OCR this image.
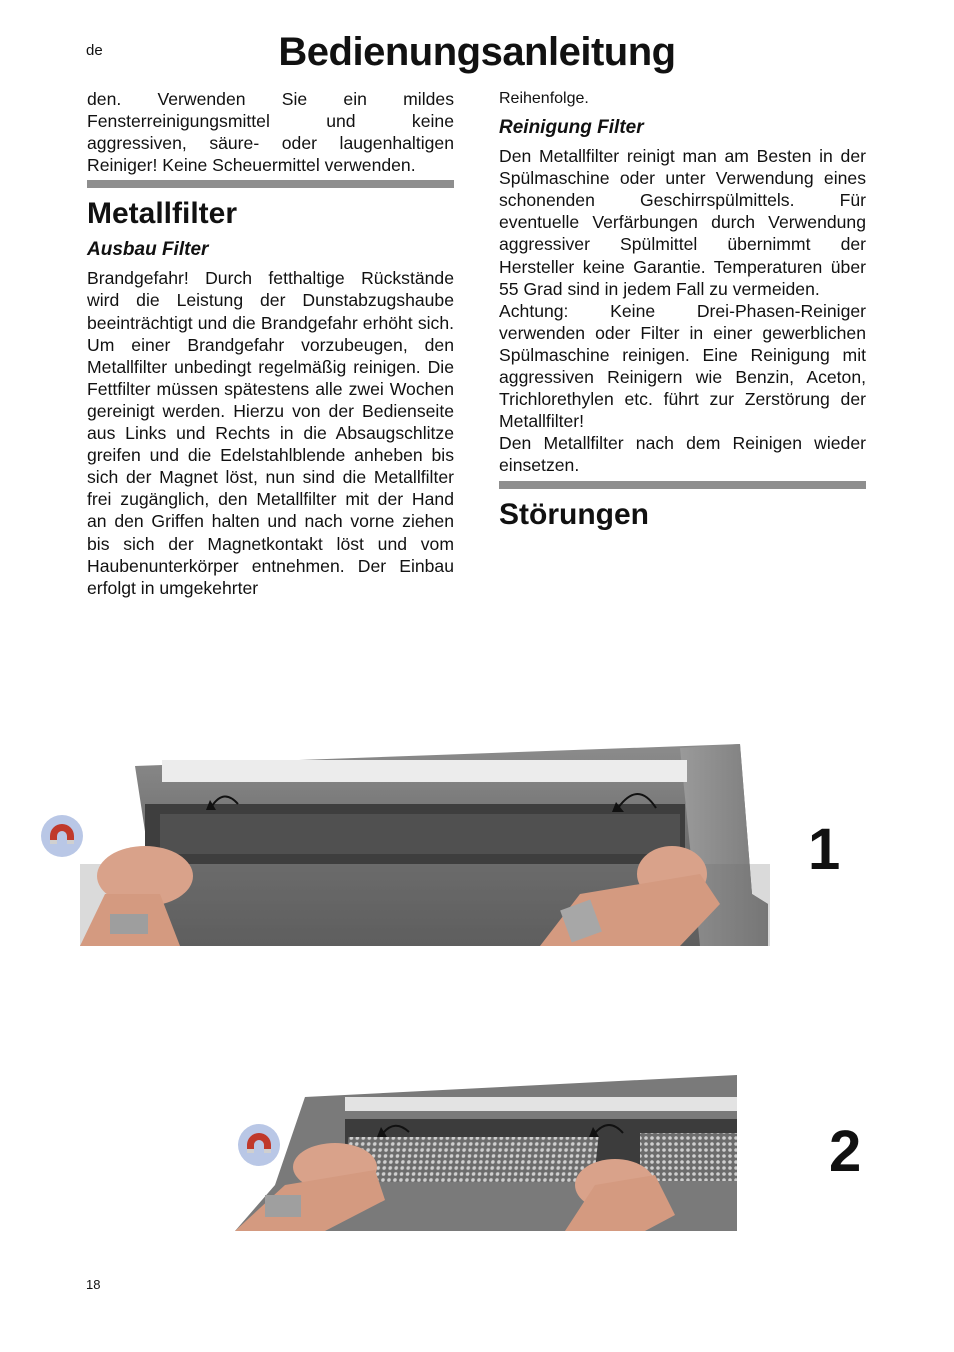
de	Bedienungsanleitung

den. Verwenden Sie ein mildes Fensterreinigungsmittel und keine aggressiven, säure- oder laugenhaltigen Reiniger! Keine Scheuermittel verwenden.

Metallfilter
Ausbau Filter

Brandgefahr! Durch fetthaltige Rückstände wird die Leistung der Dunstabzugshaube beeinträchtigt und die Brandgefahr erhöht sich. Um einer Brandgefahr vorzubeugen, den Metallfilter unbedingt regelmäßig reinigen. Die Fettfilter müssen spätestens alle zwei Wochen gereinigt werden. Hierzu von der Bedienseite aus Links und Rechts in die Absaugschlitze greifen und die Edelstahlblende anheben bis sich der Magnet löst, nun sind die Metallfilter frei zugänglich, den Metallfilter mit der Hand an den Griffen halten und nach vorne ziehen bis sich der Magnetkontakt löst und vom Haubenunterkörper entnehmen. Der Einbau erfolgt in umgekehrter

Reihenfolge.

Reinigung Filter

Den Metallfilter reinigt man am Besten in der Spülmaschine oder unter Verwendung eines schonenden Geschirrspülmittels. Für eventuelle Verfärbungen durch Verwendung aggressiver Spülmittel übernimmt der Hersteller keine Garantie. Temperaturen über 55 Grad sind in jedem Fall zu vermeiden.

Achtung: Keine Drei-Phasen-Reiniger verwenden oder Filter in einer gewerblichen Spülmaschine reinigen. Eine Reinigung mit aggressiven Reinigern wie Benzin, Aceton, Trichlorethylen etc. führt zur Zerstörung der Metallfilter!

Den Metallfilter nach dem Reinigen wieder einsetzen.

Störungen
1
2
18
